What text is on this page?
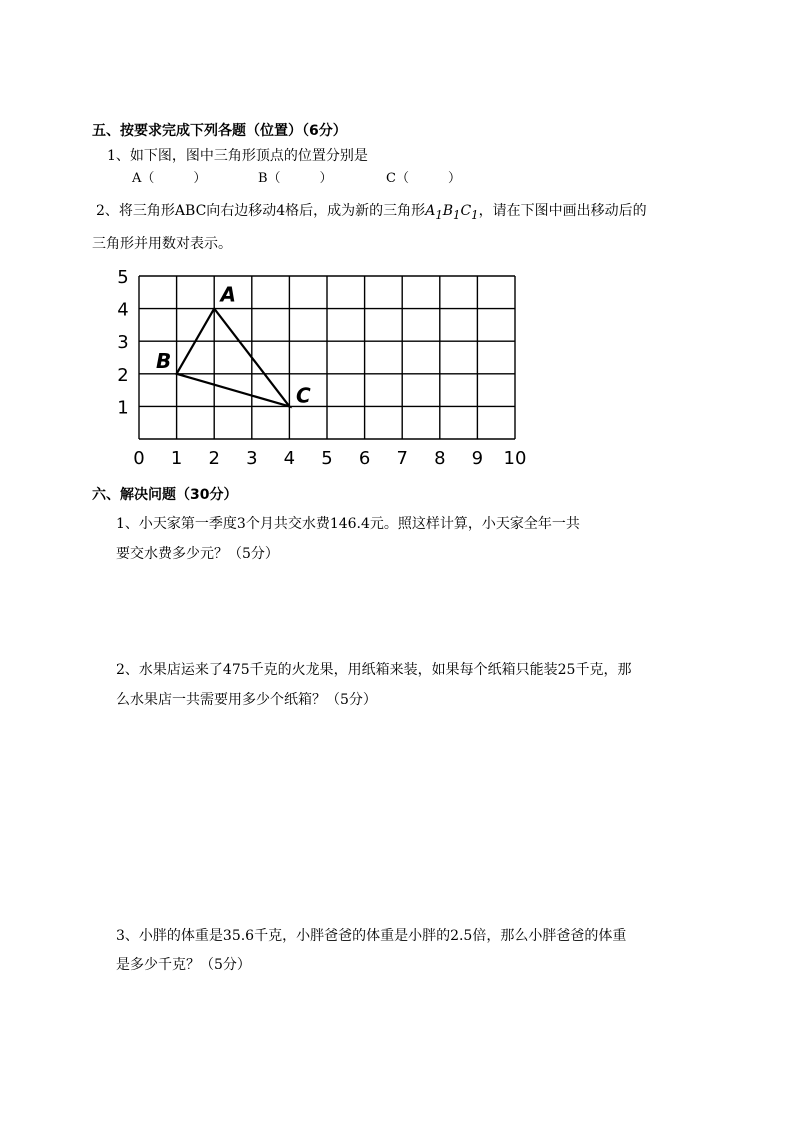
五、按要求完成下列各题（位置）（6分）
1、如下图，图中三角形顶点的位置分别是
A（　　　）	B（　　　）	C（　　　）
2、将三角形ABC向右边移动4格后，成为新的三角形$A_1B_1C_1$，请在下图中画出移动后的
三角形并用数对表示。
0 1 2 3 4 5 6 7 8 9 10
1
2
3
4
5
A
B
C
六、解决问题（30分）
1、小天家第一季度3个月共交水费146.4元。照这样计算，小天家全年一共
要交水费多少元？（5分）
2、水果店运来了475千克的火龙果，用纸箱来装，如果每个纸箱只能装25千克，那
么水果店一共需要用多少个纸箱？（5分）
3、小胖的体重是35.6千克，小胖爸爸的体重是小胖的2.5倍，那么小胖爸爸的体重
是多少千克？（5分）
